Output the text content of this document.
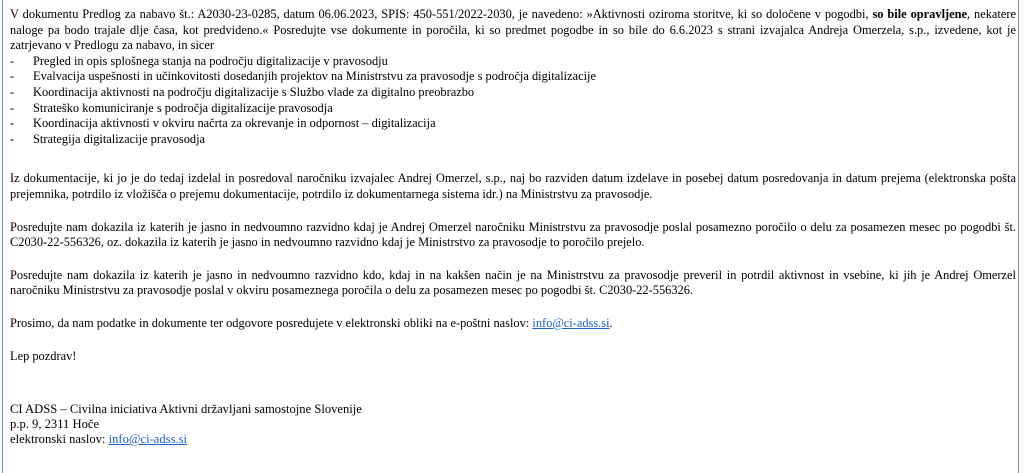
V dokumentu Predlog za nabavo št.: A2030-23-0285, datum 06.06.2023, SPIS: 450-551/2022-2030, je navedeno: »Aktivnosti oziroma storitve, ki so določene v pogodbi, so bile opravljene, nekatere naloge pa bodo trajale dlje časa, kot predvideno.« Posredujte vse dokumente in poročila, ki so predmet pogodbe in so bile do 6.6.2023 s strani izvajalca Andreja Omerzela, s.p., izvedene, kot je zatrjevano v Predlogu za nabavo, in sicer

- Pregled in opis splošnega stanja na področju digitalizacije v pravosodju
- Evalvacija uspešnosti in učinkovitosti dosedanjih projektov na Ministrstvu za pravosodje s področja digitalizacije
- Koordinacija aktivnosti na področju digitalizacije s Službo vlade za digitalno preobrazbo
- Strateško komuniciranje s področja digitalizacije pravosodja
- Koordinacija aktivnosti v okviru načrta za okrevanje in odpornost – digitalizacija
- Strategija digitalizacije pravosodja

Iz dokumentacije, ki jo je do tedaj izdelal in posredoval naročniku izvajalec Andrej Omerzel, s.p., naj bo razviden datum izdelave in posebej datum posredovanja in datum prejema (elektronska pošta prejemnika, potrdilo iz vložišča o prejemu dokumentacije, potrdilo iz dokumentarnega sistema idr.) na Ministrstvu za pravosodje.

Posredujte nam dokazila iz katerih je jasno in nedvoumno razvidno kdaj je Andrej Omerzel naročniku Ministrstvu za pravosodje poslal posamezno poročilo o delu za posamezen mesec po pogodbi št. C2030-22-556326, oz. dokazila iz katerih je jasno in nedvoumno razvidno kdaj je Ministrstvo za pravosodje to poročilo prejelo.

Posredujte nam dokazila iz katerih je jasno in nedvoumno razvidno kdo, kdaj in na kakšen način je na Ministrstvu za pravosodje preveril in potrdil aktivnost in vsebine, ki jih je Andrej Omerzel naročniku Ministrstvu za pravosodje poslal v okviru posameznega poročila o delu za posamezen mesec po pogodbi št. C2030-22-556326.

Prosimo, da nam podatke in dokumente ter odgovore posredujete v elektronski obliki na e-poštni naslov: info@ci-adss.si.

Lep pozdrav!

CI ADSS – Civilna iniciativa Aktivni državljani samostojne Slovenije
p.p. 9, 2311 Hoče
elektronski naslov: info@ci-adss.si
